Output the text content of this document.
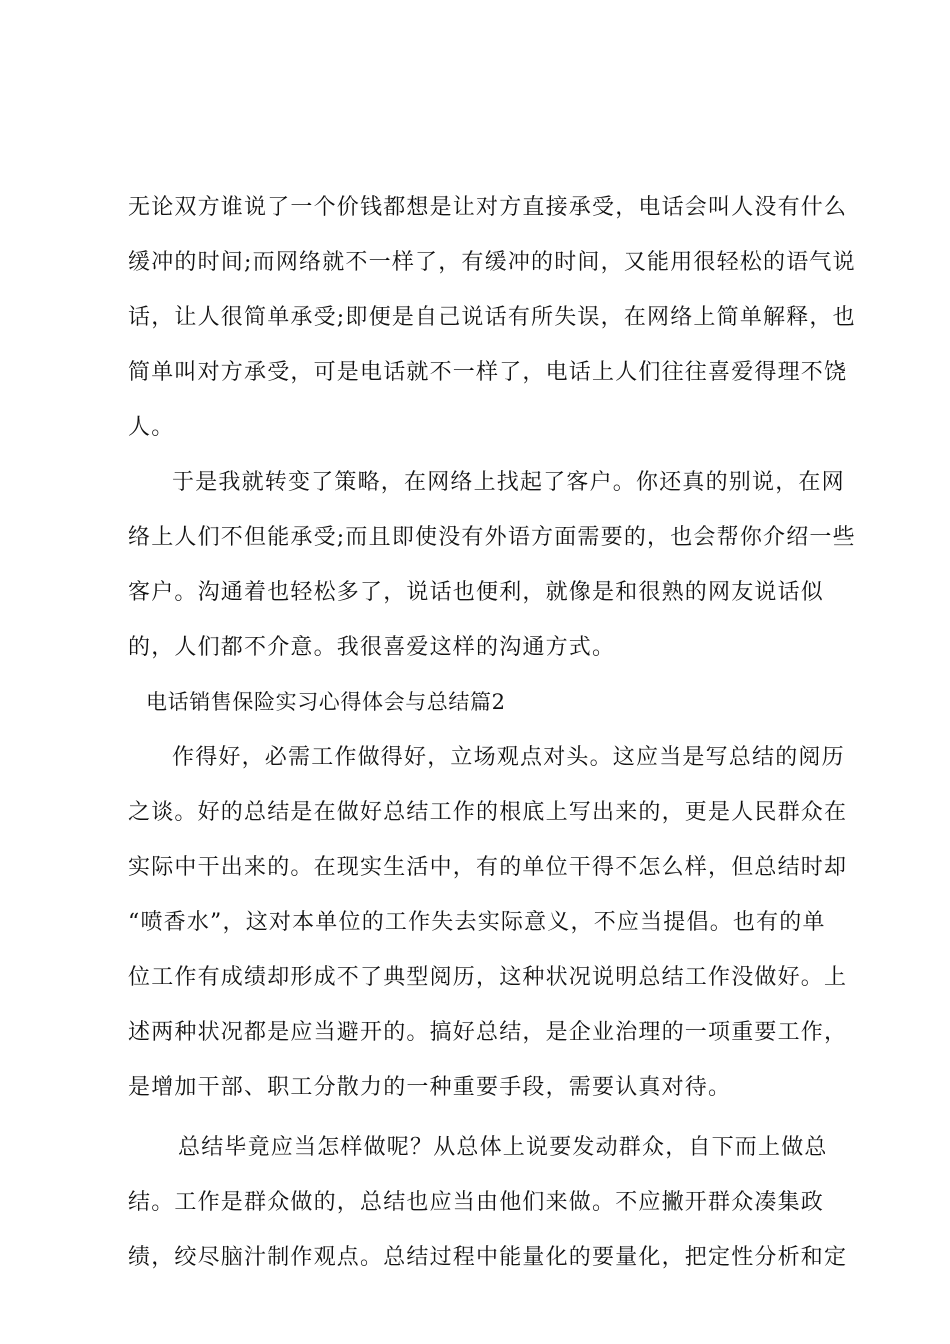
无论双方谁说了一个价钱都想是让对方直接承受，电话会叫人没有什么
缓冲的时间;而网络就不一样了，有缓冲的时间，又能用很轻松的语气说
话，让人很简单承受;即便是自己说话有所失误，在网络上简单解释，也
简单叫对方承受，可是电话就不一样了，电话上人们往往喜爱得理不饶
人。

于是我就转变了策略，在网络上找起了客户。你还真的别说，在网
络上人们不但能承受;而且即使没有外语方面需要的，也会帮你介绍一些
客户。沟通着也轻松多了，说话也便利，就像是和很熟的网友说话似
的，人们都不介意。我很喜爱这样的沟通方式。

电话销售保险实习心得体会与总结篇2

作得好，必需工作做得好，立场观点对头。这应当是写总结的阅历
之谈。好的总结是在做好总结工作的根底上写出来的，更是人民群众在
实际中干出来的。在现实生活中，有的单位干得不怎么样，但总结时却
“喷香水”，这对本单位的工作失去实际意义，不应当提倡。也有的单
位工作有成绩却形成不了典型阅历，这种状况说明总结工作没做好。上
述两种状况都是应当避开的。搞好总结，是企业治理的一项重要工作，
是增加干部、职工分散力的一种重要手段，需要认真对待。

总结毕竟应当怎样做呢？从总体上说要发动群众，自下而上做总
结。工作是群众做的，总结也应当由他们来做。不应撇开群众凑集政
绩，绞尽脑汁制作观点。总结过程中能量化的要量化，把定性分析和定
